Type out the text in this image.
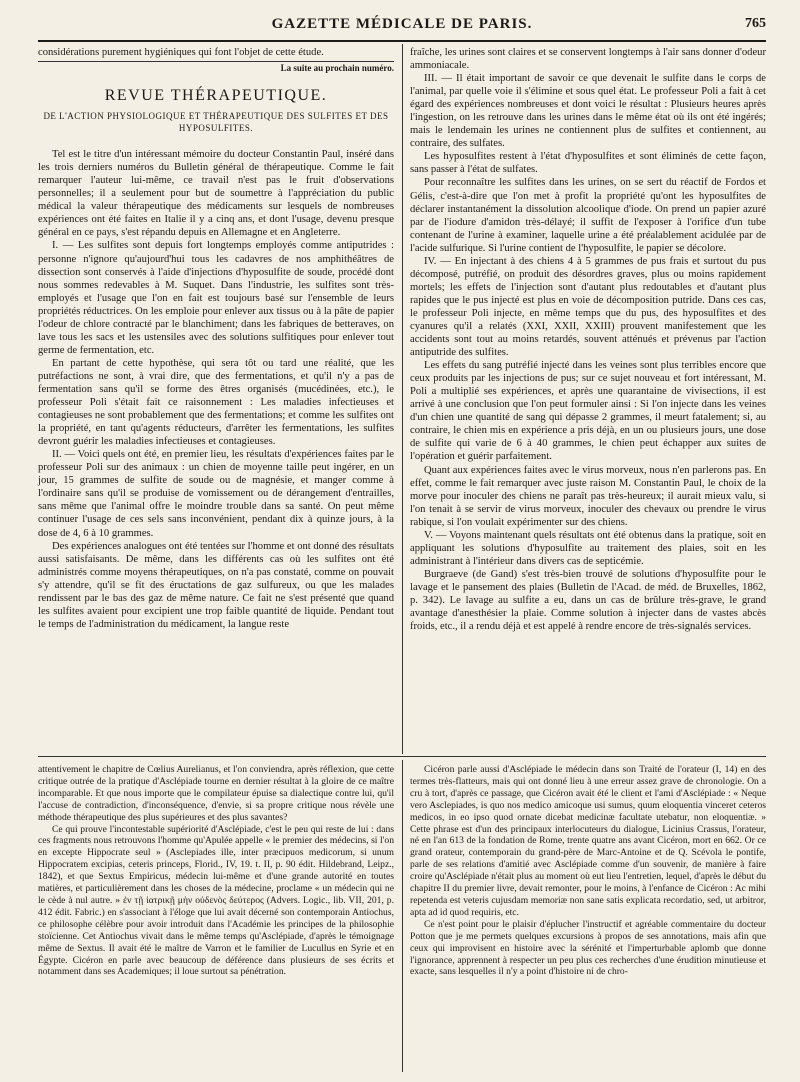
GAZETTE MÉDICALE DE PARIS.	765

considérations purement hygiéniques qui font l'objet de cette étude.

La suite au prochain numéro.

REVUE THÉRAPEUTIQUE.
DE L'ACTION PHYSIOLOGIQUE ET THÉRAPEUTIQUE DES SULFITES ET DES HYPOSULFITES.

Tel est le titre d'un intéressant mémoire du docteur Constantin Paul, inséré dans les trois derniers numéros du Bulletin général de thérapeutique. Comme le fait remarquer l'auteur lui-même, ce travail n'est pas le fruit d'observations personnelles; il a seulement pour but de soumettre à l'appréciation du public médical la valeur thérapeutique des médicaments sur lesquels de nombreuses expériences ont été faites en Italie il y a cinq ans, et dont l'usage, devenu presque général en ce pays, s'est répandu depuis en Allemagne et en Angleterre.

I. — Les sulfites sont depuis fort longtemps employés comme antiputrides : personne n'ignore qu'aujourd'hui tous les cadavres de nos amphithéâtres de dissection sont conservés à l'aide d'injections d'hyposulfite de soude, procédé dont nous sommes redevables à M. Suquet. Dans l'industrie, les sulfites sont très-employés et l'usage que l'on en fait est toujours basé sur l'ensemble de leurs propriétés réductrices. On les emploie pour enlever aux tissus ou à la pâte de papier l'odeur de chlore contracté par le blanchiment; dans les fabriques de betteraves, on lave tous les sacs et les ustensiles avec des solutions sulfitiques pour enlever tout germe de fermentation, etc.

En partant de cette hypothèse, qui sera tôt ou tard une réalité, que les putréfactions ne sont, à vrai dire, que des fermentations, et qu'il n'y a pas de fermentation sans qu'il se forme des êtres organisés (mucédinées, etc.), le professeur Poli s'était fait ce raisonnement : Les maladies infectieuses et contagieuses ne sont probablement que des fermentations; et comme les sulfites ont la propriété, en tant qu'agents réducteurs, d'arrêter les fermentations, les sulfites devront guérir les maladies infectieuses et contagieuses.

II. — Voici quels ont été, en premier lieu, les résultats d'expériences faites par le professeur Poli sur des animaux : un chien de moyenne taille peut ingérer, en un jour, 15 grammes de sulfite de soude ou de magnésie, et manger comme à l'ordinaire sans qu'il se produise de vomissement ou de dérangement d'entrailles, sans même que l'animal offre le moindre trouble dans sa santé. On peut même continuer l'usage de ces sels sans inconvénient, pendant dix à quinze jours, à la dose de 4, 6 à 10 grammes.

Des expériences analogues ont été tentées sur l'homme et ont donné des résultats aussi satisfaisants. De même, dans les différents cas où les sulfites ont été administrés comme moyens thérapeutiques, on n'a pas constaté, comme on pouvait s'y attendre, qu'il se fit des éructations de gaz sulfureux, ou que les malades rendissent par le bas des gaz de même nature. Ce fait ne s'est présenté que quand les sulfites avaient pour excipient une trop faible quantité de liquide. Pendant tout le temps de l'administration du médicament, la langue reste

fraîche, les urines sont claires et se conservent longtemps à l'air sans donner d'odeur ammoniacale.

III. — Il était important de savoir ce que devenait le sulfite dans le corps de l'animal, par quelle voie il s'élimine et sous quel état. Le professeur Poli a fait à cet égard des expériences nombreuses et dont voici le résultat : Plusieurs heures après l'ingestion, on les retrouve dans les urines dans le même état où ils ont été ingérés; mais le lendemain les urines ne contiennent plus de sulfites et contiennent, au contraire, des sulfates.

Les hyposulfites restent à l'état d'hyposulfites et sont éliminés de cette façon, sans passer à l'état de sulfates.

Pour reconnaître les sulfites dans les urines, on se sert du réactif de Fordos et Gélis, c'est-à-dire que l'on met à profit la propriété qu'ont les hyposulfites de déclarer instantanément la dissolution alcoolique d'iode. On prend un papier azuré par de l'iodure d'amidon très-délayé; il suffit de l'exposer à l'orifice d'un tube contenant de l'urine à examiner, laquelle urine a été préalablement acidulée par de l'acide sulfurique. Si l'urine contient de l'hyposulfite, le papier se décolore.

IV. — En injectant à des chiens 4 à 5 grammes de pus frais et surtout du pus décomposé, putréfié, on produit des désordres graves, plus ou moins rapidement mortels; les effets de l'injection sont d'autant plus redoutables et d'autant plus rapides que le pus injecté est plus en voie de décomposition putride. Dans ces cas, le professeur Poli injecte, en même temps que du pus, des hyposulfites et des cyanures qu'il a relatés (XXI, XXII, XXIII) prouvent manifestement que les accidents sont tout au moins retardés, souvent atténués et prévenus par l'action antiputride des sulfites.

Les effets du sang putréfié injecté dans les veines sont plus terribles encore que ceux produits par les injections de pus; sur ce sujet nouveau et fort intéressant, M. Poli a multiplié ses expériences, et après une quarantaine de vivisections, il est arrivé à une conclusion que l'on peut formuler ainsi : Si l'on injecte dans les veines d'un chien une quantité de sang qui dépasse 2 grammes, il meurt fatalement; si, au contraire, le chien mis en expérience a pris déjà, en un ou plusieurs jours, une dose de sulfite qui varie de 6 à 40 grammes, le chien peut échapper aux suites de l'opération et guérir parfaitement.

Quant aux expériences faites avec le virus morveux, nous n'en parlerons pas. En effet, comme le fait remarquer avec juste raison M. Constantin Paul, le choix de la morve pour inoculer des chiens ne paraît pas très-heureux; il aurait mieux valu, si l'on tenait à se servir de virus morveux, inoculer des chevaux ou prendre le virus rabique, si l'on voulait expérimenter sur des chiens.

V. — Voyons maintenant quels résultats ont été obtenus dans la pratique, soit en appliquant les solutions d'hyposulfite au traitement des plaies, soit en les administrant à l'intérieur dans divers cas de septicémie.

Burgraeve (de Gand) s'est très-bien trouvé de solutions d'hyposulfite pour le lavage et le pansement des plaies (Bulletin de l'Acad. de méd. de Bruxelles, 1862, p. 342). Le lavage au sulfite a eu, dans un cas de brûlure très-grave, le grand avantage d'anesthésier la plaie. Comme solution à injecter dans de vastes abcès froids, etc., il a rendu déjà et est appelé à rendre encore de très-signalés services.

attentivement le chapitre de Cœlius Aurelianus, et l'on conviendra, après réflexion, que cette critique outrée de la pratique d'Asclépiade tourne en dernier résultat à la gloire de ce maître incomparable. Et que nous importe que le compilateur épuise sa dialectique contre lui, qu'il l'accuse de contradiction, d'inconséquence, d'envie, si sa propre critique nous révèle une méthode thérapeutique des plus supérieures et des plus savantes?

Ce qui prouve l'incontestable supériorité d'Asclépiade, c'est le peu qui reste de lui : dans ces fragments nous retrouvons l'homme qu'Apulée appelle « le premier des médecins, si l'on en excepte Hippocrate seul » (Asclepiades ille, inter præcipuos medicorum, si unum Hippocratem excipias, ceteris princeps, Florid., IV, 19. t. II, p. 90 édit. Hildebrand, Leipz., 1842), et que Sextus Empiricus, médecin lui-même et d'une grande autorité en toutes matières, et particulièrement dans les choses de la médecine, proclame « un médecin qui ne le cède à nul autre. » ἐν τῇ ἰατρικῇ μὴν οὐδενὸς δεύτερος (Advers. Logic., lib. VII, 201, p. 412 édit. Fabric.) en s'associant à l'éloge que lui avait décerné son contemporain Antiochus, ce philosophe célèbre pour avoir introduit dans l'Académie les principes de la philosophie stoïcienne. Cet Antiochus vivait dans le même temps qu'Asclépiade, d'après le témoignage même de Sextus. Il avait été le maître de Varron et le familier de Lucullus en Syrie et en Égypte. Cicéron en parle avec beaucoup de déférence dans plusieurs de ses écrits et notamment dans ses Academiques; il loue surtout sa pénétration.

Cicéron parle aussi d'Asclépiade le médecin dans son Traité de l'orateur (I, 14) en des termes très-flatteurs, mais qui ont donné lieu à une erreur assez grave de chronologie. On a cru à tort, d'après ce passage, que Cicéron avait été le client et l'ami d'Asclépiade : « Neque vero Asclepiades, is quo nos medico amicoque usi sumus, quum eloquentia vinceret ceteros medicos, in eo ipso quod ornate dicebat medicinæ facultate utebatur, non eloquentiæ. » Cette phrase est d'un des principaux interlocuteurs du dialogue, Licinius Crassus, l'orateur, né en l'an 613 de la fondation de Rome, trente quatre ans avant Cicéron, mort en 662. Or ce grand orateur, contemporain du grand-père de Marc-Antoine et de Q. Scévola le pontife, parle de ses relations d'amitié avec Asclépiade comme d'un souvenir, de manière à faire croire qu'Asclépiade n'était plus au moment où eut lieu l'entretien, lequel, d'après le début du chapitre II du premier livre, devait remonter, pour le moins, à l'enfance de Cicéron : Ac mihi repetenda est veteris cujusdam memoriæ non sane satis explicata recordatio, sed, ut arbitror, apta ad id quod requiris, etc.

Ce n'est point pour le plaisir d'éplucher l'instructif et agréable commentaire du docteur Potton que je me permets quelques excursions à propos de ses annotations, mais afin que ceux qui improvisent en histoire avec la sérénité et l'imperturbable aplomb que donne l'ignorance, apprennent à respecter un peu plus ces recherches d'une érudition minutieuse et exacte, sans lesquelles il n'y a point d'histoire ni de chro-
